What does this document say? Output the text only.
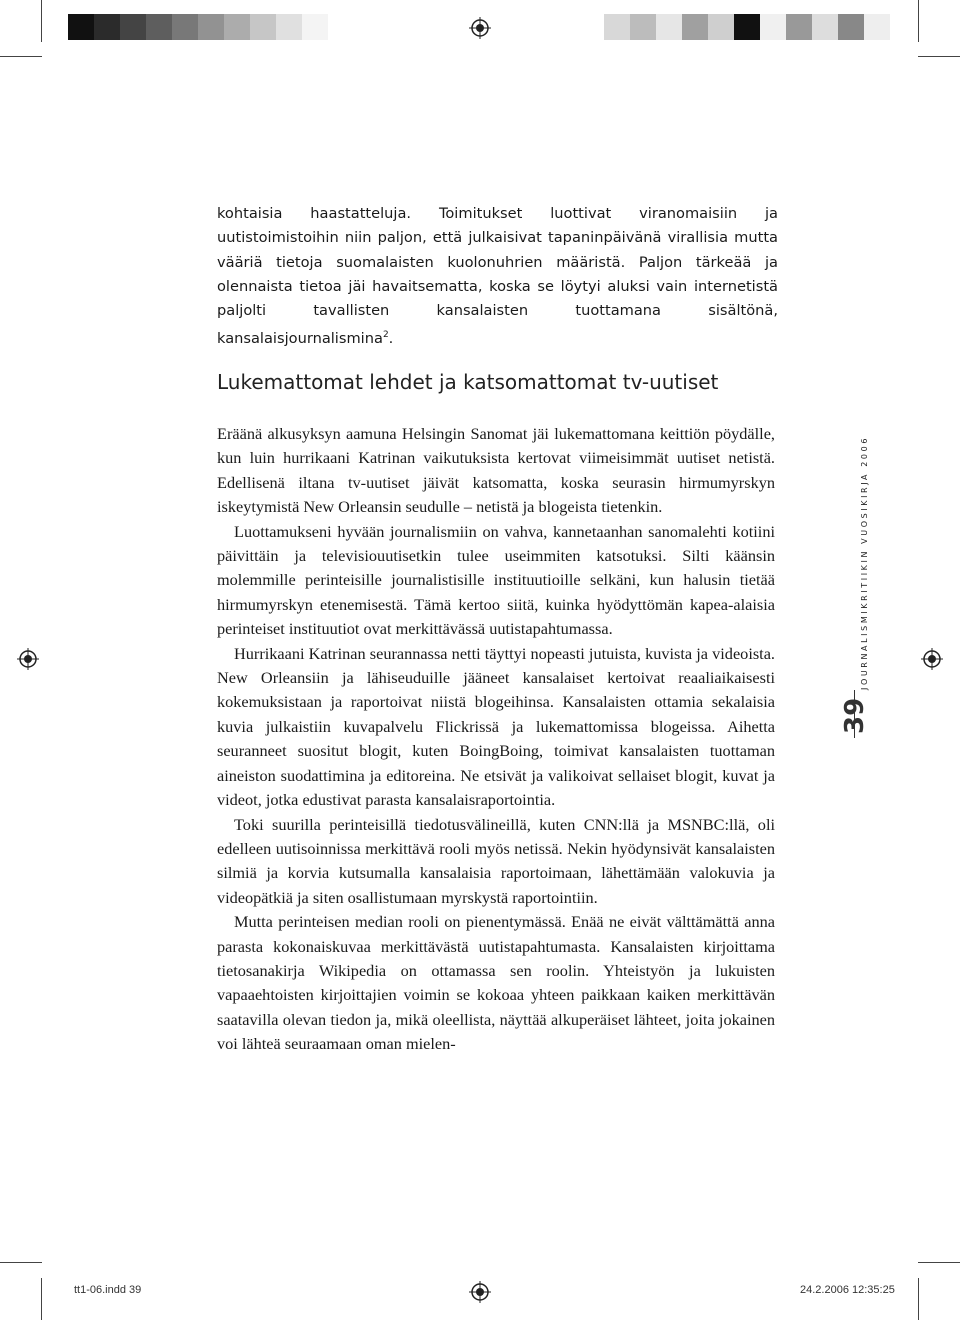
kohtaisia haastatteluja. Toimitukset luottivat viranomaisiin ja uutistoimistoihin niin paljon, että julkaisivat tapaninpäivänä virallisia mutta vääriä tietoja suomalaisten kuolonuhrien määristä. Paljon tärkeää ja olennaista tietoa jäi havaitsematta, koska se löytyi aluksi vain internetistä paljolti tavallisten kansalaisten tuottamana sisältönä, kansalaisjournalismina$^2$.
Lukemattomat lehdet ja katsomattomat tv-uutiset

Eräänä alkusyksyn aamuna Helsingin Sanomat jäi lukemattomana keittiön pöydälle, kun luin hurrikaani Katrinan vaikutuksista kertovat viimeisimmät uutiset netistä. Edellisenä iltana tv-uutiset jäivät katsomatta, koska seurasin hirmumyrskyn iskeytymistä New Orleansin seudulle – netistä ja blogeista tietenkin.

Luottamukseni hyvään journalismiin on vahva, kannetaanhan sanomalehti kotiini päivittäin ja televisiouutisetkin tulee useimmiten katsotuksi. Silti käänsin molemmille perinteisille journalistisille instituutioille selkäni, kun halusin tietää hirmumyrskyn etenemisestä. Tämä kertoo siitä, kuinka hyödyttömän kapea-alaisia perinteiset instituutiot ovat merkittävässä uutistapahtumassa.

Hurrikaani Katrinan seurannassa netti täyttyi nopeasti jutuista, kuvista ja videoista. New Orleansiin ja lähiseuduille jääneet kansalaiset kertoivat reaaliaikaisesti kokemuksistaan ja raportoivat niistä blogeihinsa. Kansalaisten ottamia sekalaisia kuvia julkaistiin kuvapalvelu Flickrissä ja lukemattomissa blogeissa. Aihetta seuranneet suositut blogit, kuten BoingBoing, toimivat kansalaisten tuottaman aineiston suodattimina ja editoreina. Ne etsivät ja valikoivat sellaiset blogit, kuvat ja videot, jotka edustivat parasta kansalaisraportointia.

Toki suurilla perinteisillä tiedotusvälineillä, kuten CNN:llä ja MSNBC:llä, oli edelleen uutisoinnissa merkittävä rooli myös netissä. Nekin hyödynsivät kansalaisten silmiä ja korvia kutsumalla kansalaisia raportoimaan, lähettämään valokuvia ja videopätkiä ja siten osallistumaan myrskystä raportointiin.

Mutta perinteisen median rooli on pienentymässä. Enää ne eivät välttämättä anna parasta kokonaiskuvaa merkittävästä uutistapahtumasta. Kansalaisten kirjoittama tietosanakirja Wikipedia on ottamassa sen roolin. Yhteistyön ja lukuisten vapaaehtoisten kirjoittajien voimin se kokoaa yhteen paikkaan kaiken merkittävän saatavilla olevan tiedon ja, mikä oleellista, näyttää alkuperäiset lähteet, joita jokainen voi lähteä seuraamaan oman mielen-

JOURNALISMIKRITIIKIN VUOSIKIRJA 2006
39
tt1-06.indd 39	24.2.2006 12:35:25
